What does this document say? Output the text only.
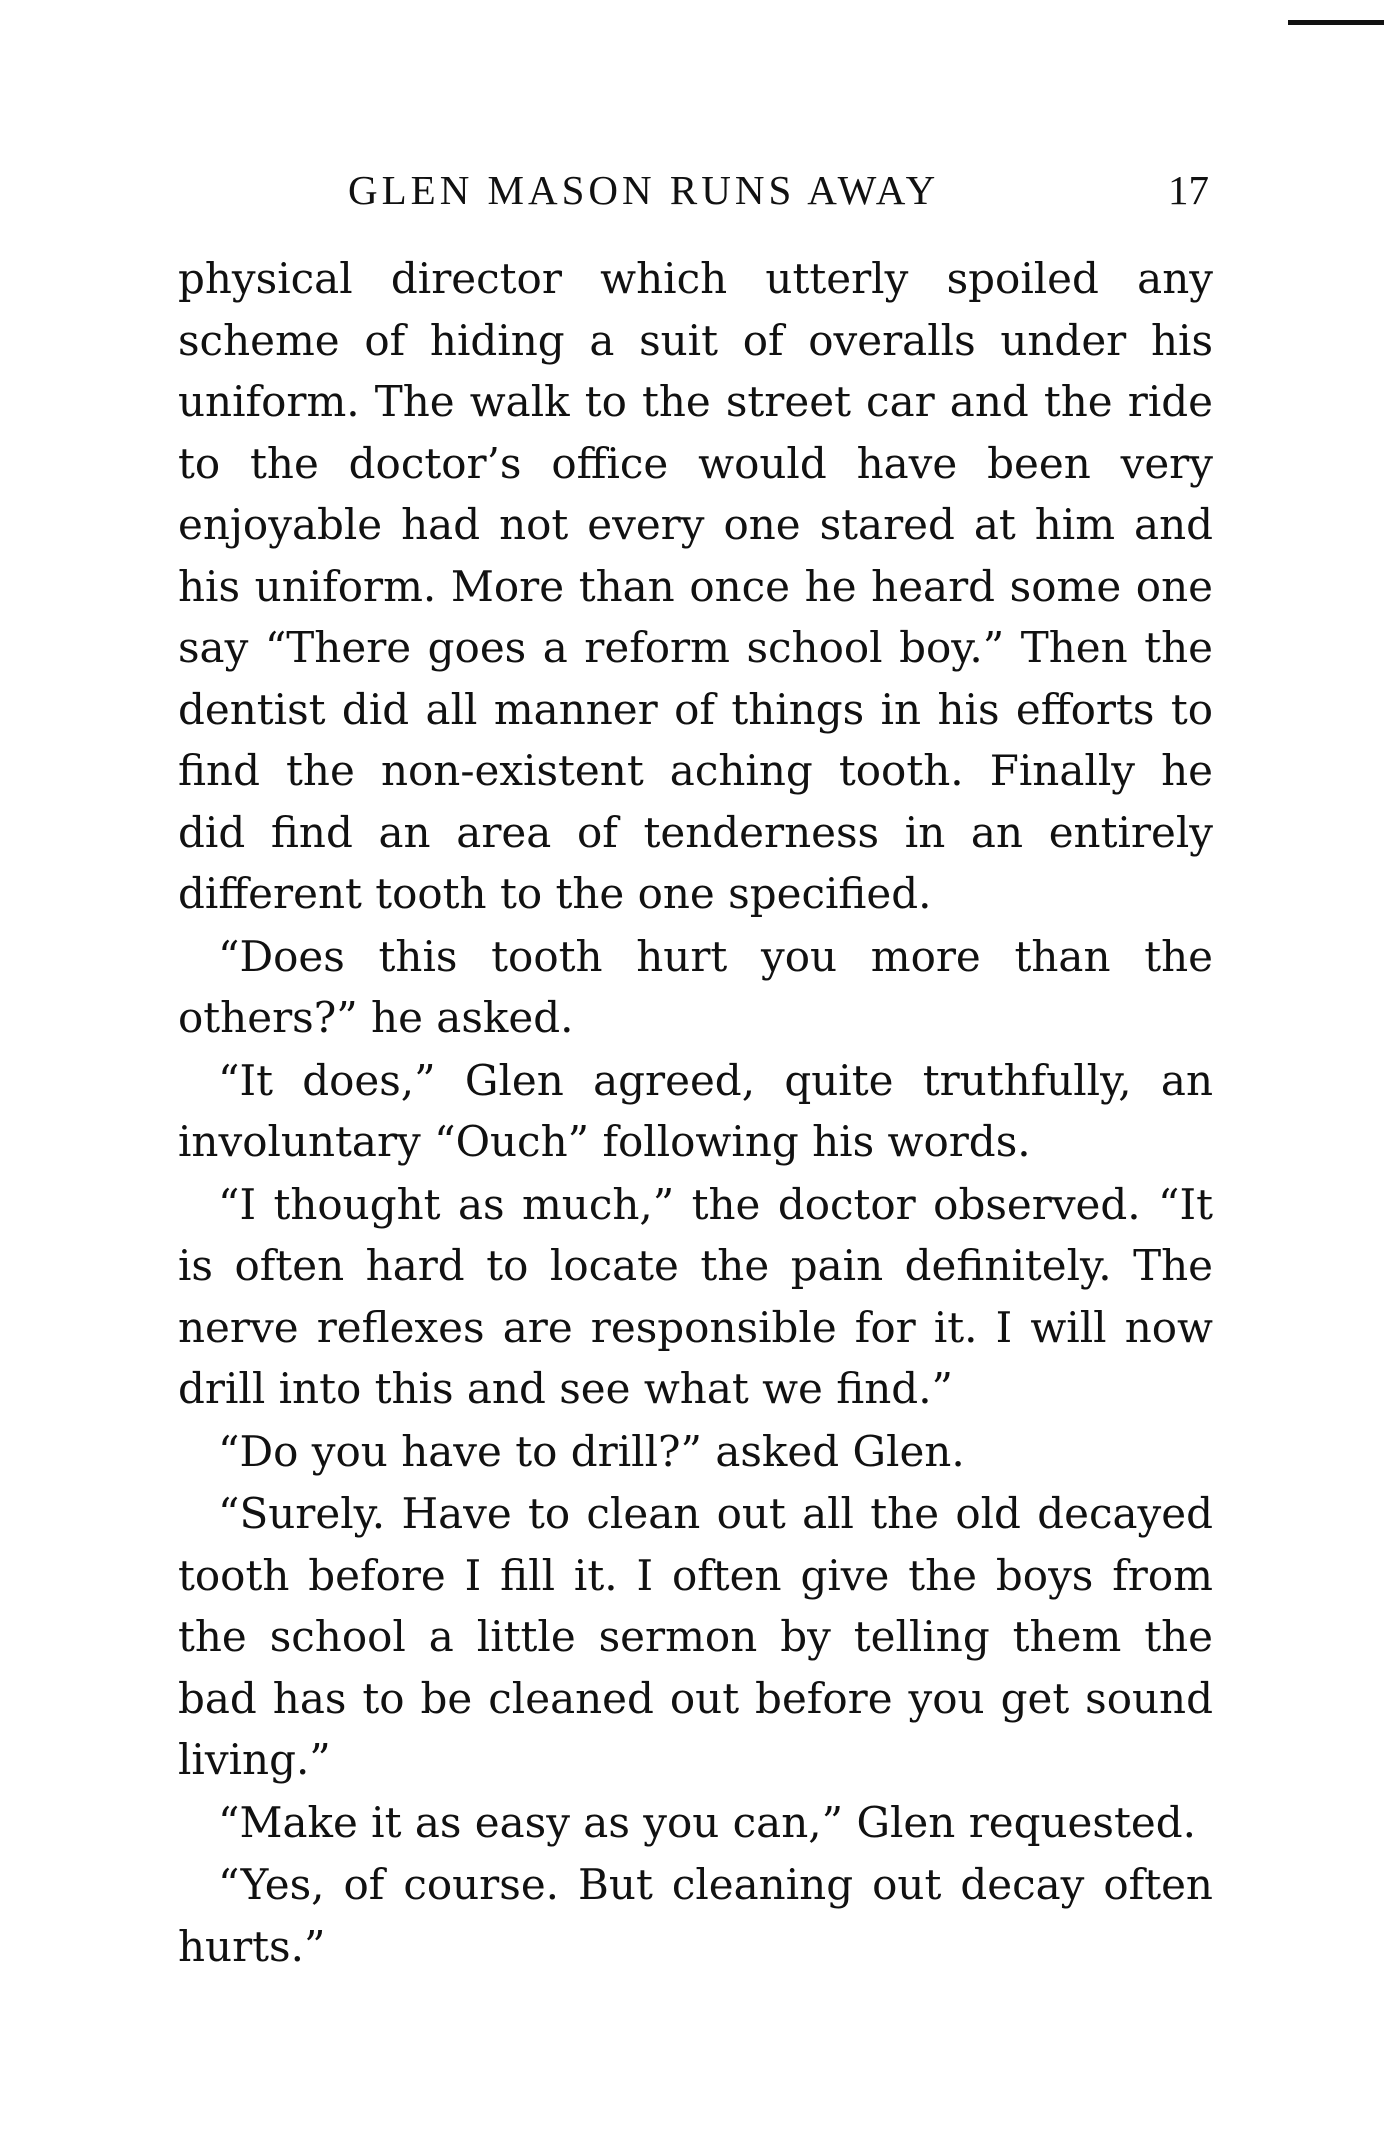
GLEN MASON RUNS AWAY	17

physical director which utterly spoiled any scheme of hiding a suit of overalls under his uniform. The walk to the street car and the ride to the doctor’s office would have been very enjoyable had not every one stared at him and his uniform. More than once he heard some one say “There goes a reform school boy.” Then the dentist did all manner of things in his efforts to find the non-existent aching tooth. Finally he did find an area of tenderness in an entirely different tooth to the one specified.

“Does this tooth hurt you more than the others?” he asked.

“It does,” Glen agreed, quite truthfully, an involuntary “Ouch” following his words.

“I thought as much,” the doctor observed. “It is often hard to locate the pain definitely. The nerve reflexes are responsible for it. I will now drill into this and see what we find.”

“Do you have to drill?” asked Glen.

“Surely. Have to clean out all the old decayed tooth before I fill it. I often give the boys from the school a little sermon by telling them the bad has to be cleaned out before you get sound living.”

“Make it as easy as you can,” Glen requested.

“Yes, of course. But cleaning out decay often hurts.”
